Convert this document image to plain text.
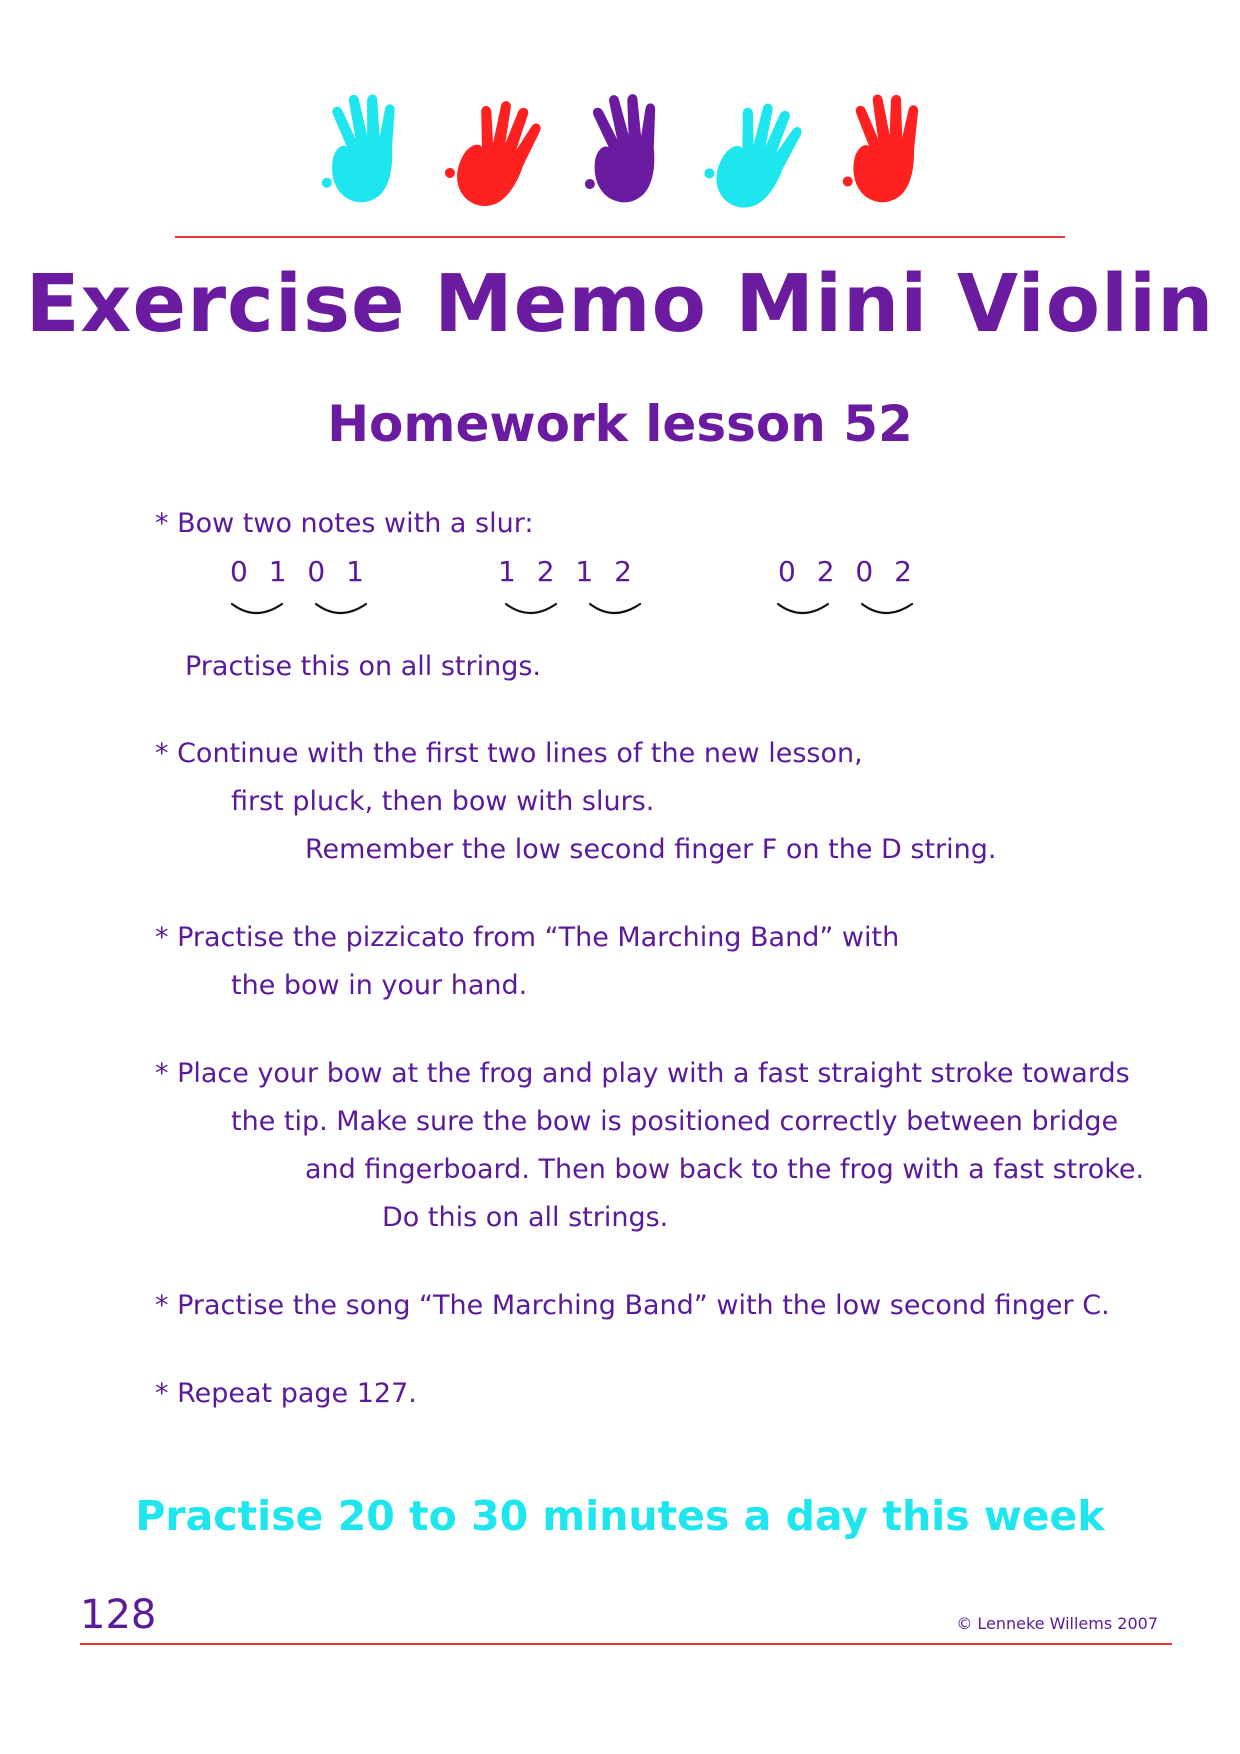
Exercise Memo Mini Violin
Homework lesson 52
* Bow two notes with a slur:
0 1 0 1	1 2 1 2	0 2 0 2
Practise this on all strings.
* Continue with the first two lines of the new lesson,
first pluck, then bow with slurs.
Remember the low second finger F on the D string.
* Practise the pizzicato from “The Marching Band” with
the bow in your hand.
* Place your bow at the frog and play with a fast straight stroke towards
the tip. Make sure the bow is positioned correctly between bridge
and fingerboard. Then bow back to the frog with a fast stroke.
Do this on all strings.
* Practise the song “The Marching Band” with the low second finger C.
* Repeat page 127.
Practise 20 to 30 minutes a day this week
128	© Lenneke Willems 2007
